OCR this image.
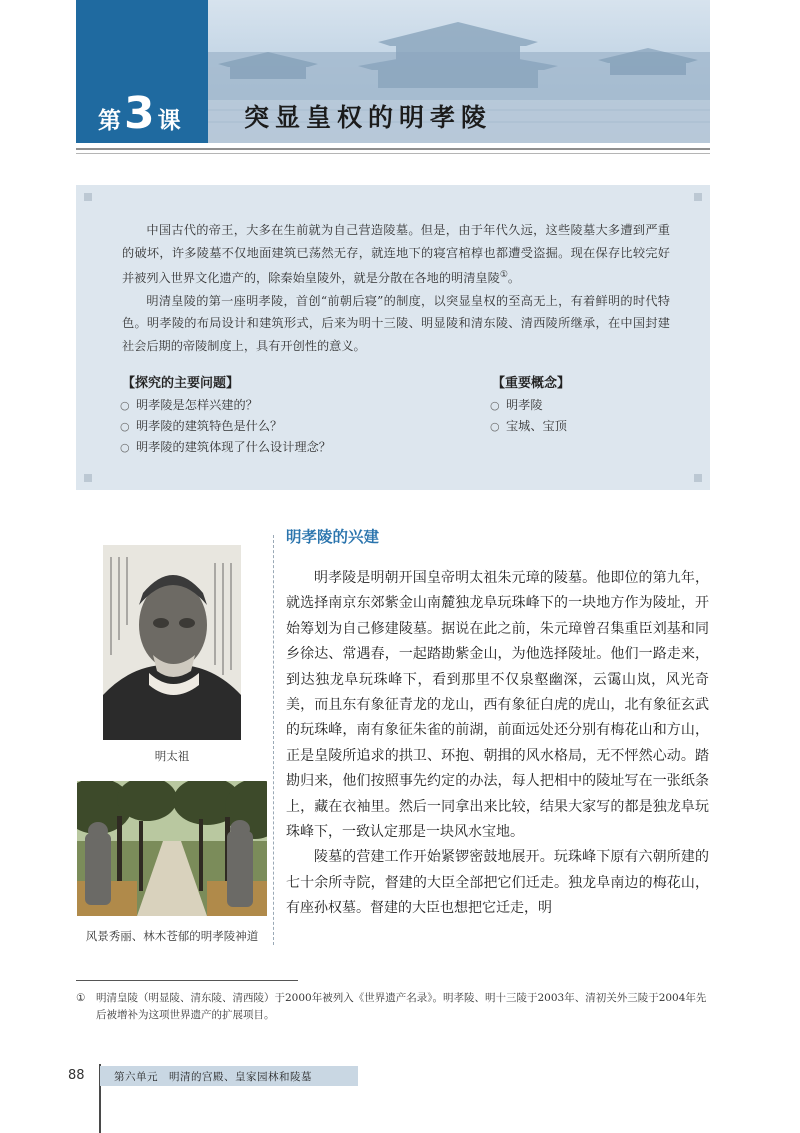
第 3 课	突显皇权的明孝陵

中国古代的帝王，大多在生前就为自己营造陵墓。但是，由于年代久远，这些陵墓大多遭到严重的破坏，许多陵墓不仅地面建筑已荡然无存，就连地下的寝宫棺椁也都遭受盗掘。现在保存比较完好并被列入世界文化遗产的，除秦始皇陵外，就是分散在各地的明清皇陵①。

明清皇陵的第一座明孝陵，首创“前朝后寝”的制度，以突显皇权的至高无上，有着鲜明的时代特色。明孝陵的布局设计和建筑形式，后来为明十三陵、明显陵和清东陵、清西陵所继承，在中国封建社会后期的帝陵制度上，具有开创性的意义。

【探究的主要问题】
○ 明孝陵是怎样兴建的？
○ 明孝陵的建筑特色是什么？
○ 明孝陵的建筑体现了什么设计理念？
【重要概念】
○ 明孝陵
○ 宝城、宝顶
明太祖
风景秀丽、林木苍郁的明孝陵神道
明孝陵的兴建

明孝陵是明朝开国皇帝明太祖朱元璋的陵墓。他即位的第九年，就选择南京东郊紫金山南麓独龙阜玩珠峰下的一块地方作为陵址，开始筹划为自己修建陵墓。据说在此之前，朱元璋曾召集重臣刘基和同乡徐达、常遇春，一起踏勘紫金山，为他选择陵址。他们一路走来，到达独龙阜玩珠峰下，看到那里不仅泉壑幽深，云霭山岚，风光奇美，而且东有象征青龙的龙山，西有象征白虎的虎山，北有象征玄武的玩珠峰，南有象征朱雀的前湖，前面远处还分别有梅花山和方山，正是皇陵所追求的拱卫、环抱、朝揖的风水格局，无不怦然心动。踏勘归来，他们按照事先约定的办法，每人把相中的陵址写在一张纸条上，藏在衣袖里。然后一同拿出来比较，结果大家写的都是独龙阜玩珠峰下，一致认定那是一块风水宝地。

陵墓的营建工作开始紧锣密鼓地展开。玩珠峰下原有六朝所建的七十余所寺院，督建的大臣全部把它们迁走。独龙阜南边的梅花山，有座孙权墓。督建的大臣也想把它迁走，明

① 明清皇陵（明显陵、清东陵、清西陵）于2000年被列入《世界遗产名录》。明孝陵、明十三陵于2003年、清初关外三陵于2004年先后被增补为这项世界遗产的扩展项目。
88	第六单元　明清的宫殿、皇家园林和陵墓
